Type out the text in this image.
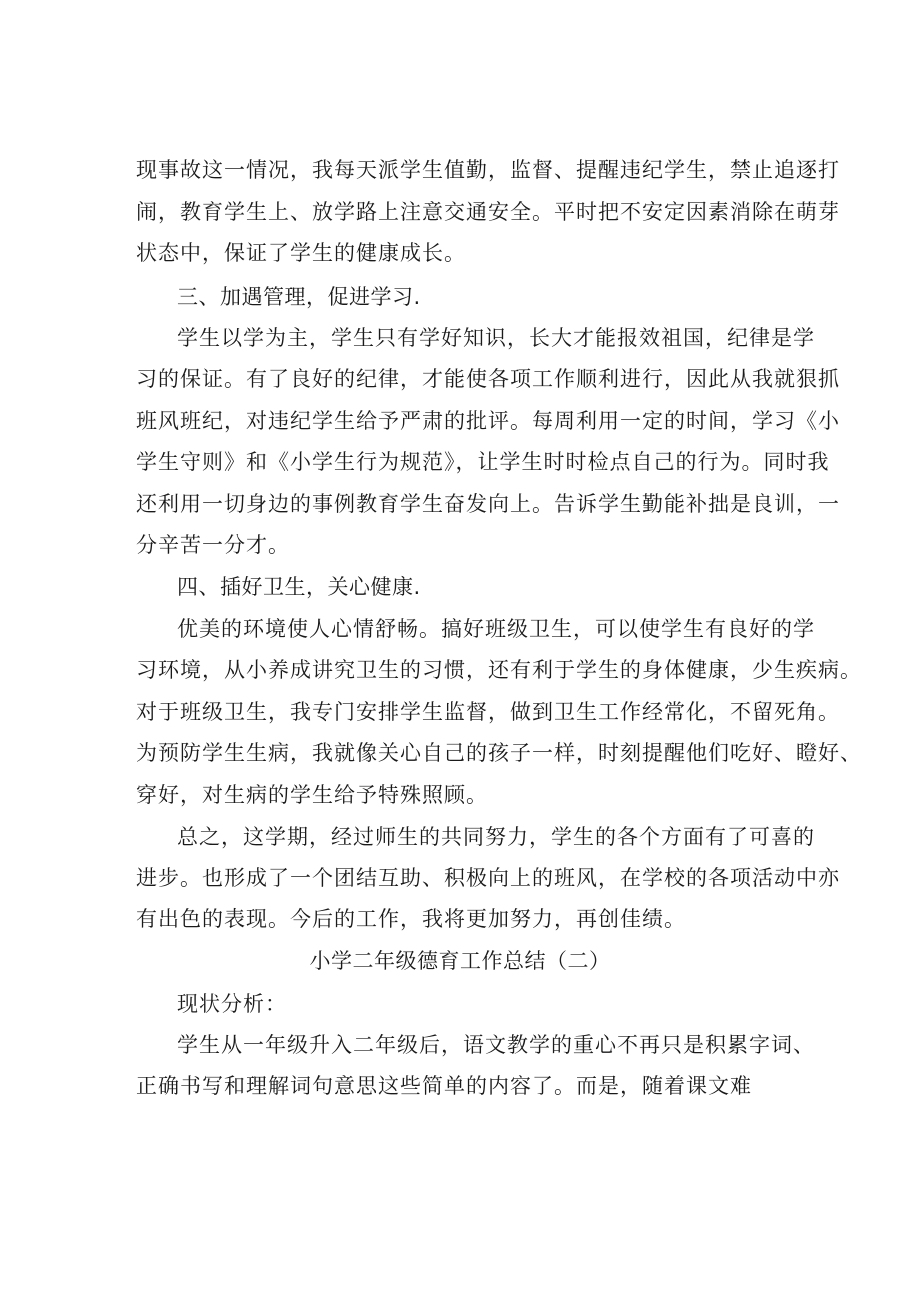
现事故这一情况，我每天派学生值勤，监督、提醒违纪学生，禁止追逐打
闹，教育学生上、放学路上注意交通安全。平时把不安定因素消除在萌芽
状态中，保证了学生的健康成长。
三、加遇管理，促进学习.
学生以学为主，学生只有学好知识，长大才能报效祖国，纪律是学
习的保证。有了良好的纪律，才能使各项工作顺利进行，因此从我就狠抓
班风班纪，对违纪学生给予严肃的批评。每周利用一定的时间，学习《小
学生守则》和《小学生行为规范》，让学生时时检点自己的行为。同时我
还利用一切身边的事例教育学生奋发向上。告诉学生勤能补拙是良训，一
分辛苦一分才。
四、插好卫生，关心健康.
优美的环境使人心情舒畅。搞好班级卫生，可以使学生有良好的学
习环境，从小养成讲究卫生的习惯，还有利于学生的身体健康，少生疾病。
对于班级卫生，我专门安排学生监督，做到卫生工作经常化，不留死角。
为预防学生生病，我就像关心自己的孩子一样，时刻提醒他们吃好、瞪好、
穿好，对生病的学生给予特殊照顾。
总之，这学期，经过师生的共同努力，学生的各个方面有了可喜的
进步。也形成了一个团结互助、积极向上的班风，在学校的各项活动中亦
有出色的表现。今后的工作，我将更加努力，再创佳绩。
小学二年级德育工作总结（二）
现状分析：
学生从一年级升入二年级后，语文教学的重心不再只是积累字词、
正确书写和理解词句意思这些简单的内容了。而是，随着课文难
